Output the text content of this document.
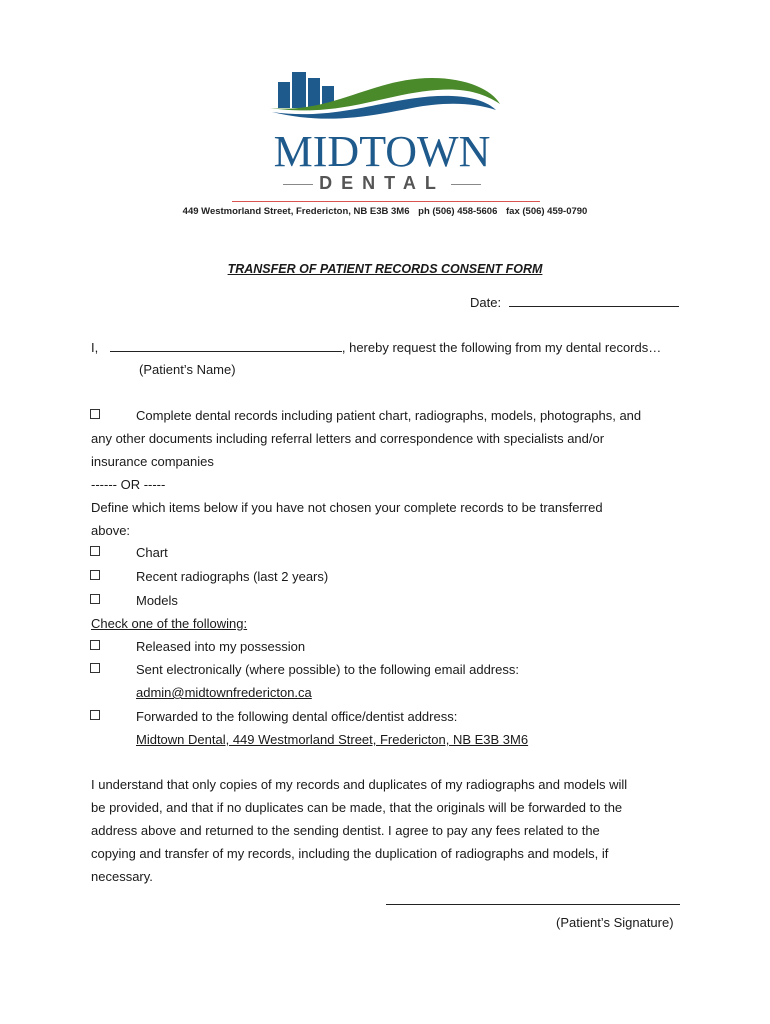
MIDTOWN
DENTAL
449 Westmorland Street, Fredericton, NB E3B 3M6 ph (506) 458-5606 fax (506) 459-0790
TRANSFER OF PATIENT RECORDS CONSENT FORM
Date:
I,	, hereby request the following from my dental records…
(Patient’s Name)
Complete dental records including patient chart, radiographs, models, photographs, and
any other documents including referral letters and correspondence with specialists and/or
insurance companies
------ OR -----
Define which items below if you have not chosen your complete records to be transferred
above:
Chart
Recent radiographs (last 2 years)
Models
Check one of the following:
Released into my possession
Sent electronically (where possible) to the following email address:
admin@midtownfredericton.ca
Forwarded to the following dental office/dentist address:
Midtown Dental, 449 Westmorland Street, Fredericton, NB E3B 3M6
I understand that only copies of my records and duplicates of my radiographs and models will
be provided, and that if no duplicates can be made, that the originals will be forwarded to the
address above and returned to the sending dentist. I agree to pay any fees related to the
copying and transfer of my records, including the duplication of radiographs and models, if
necessary.
(Patient’s Signature)
